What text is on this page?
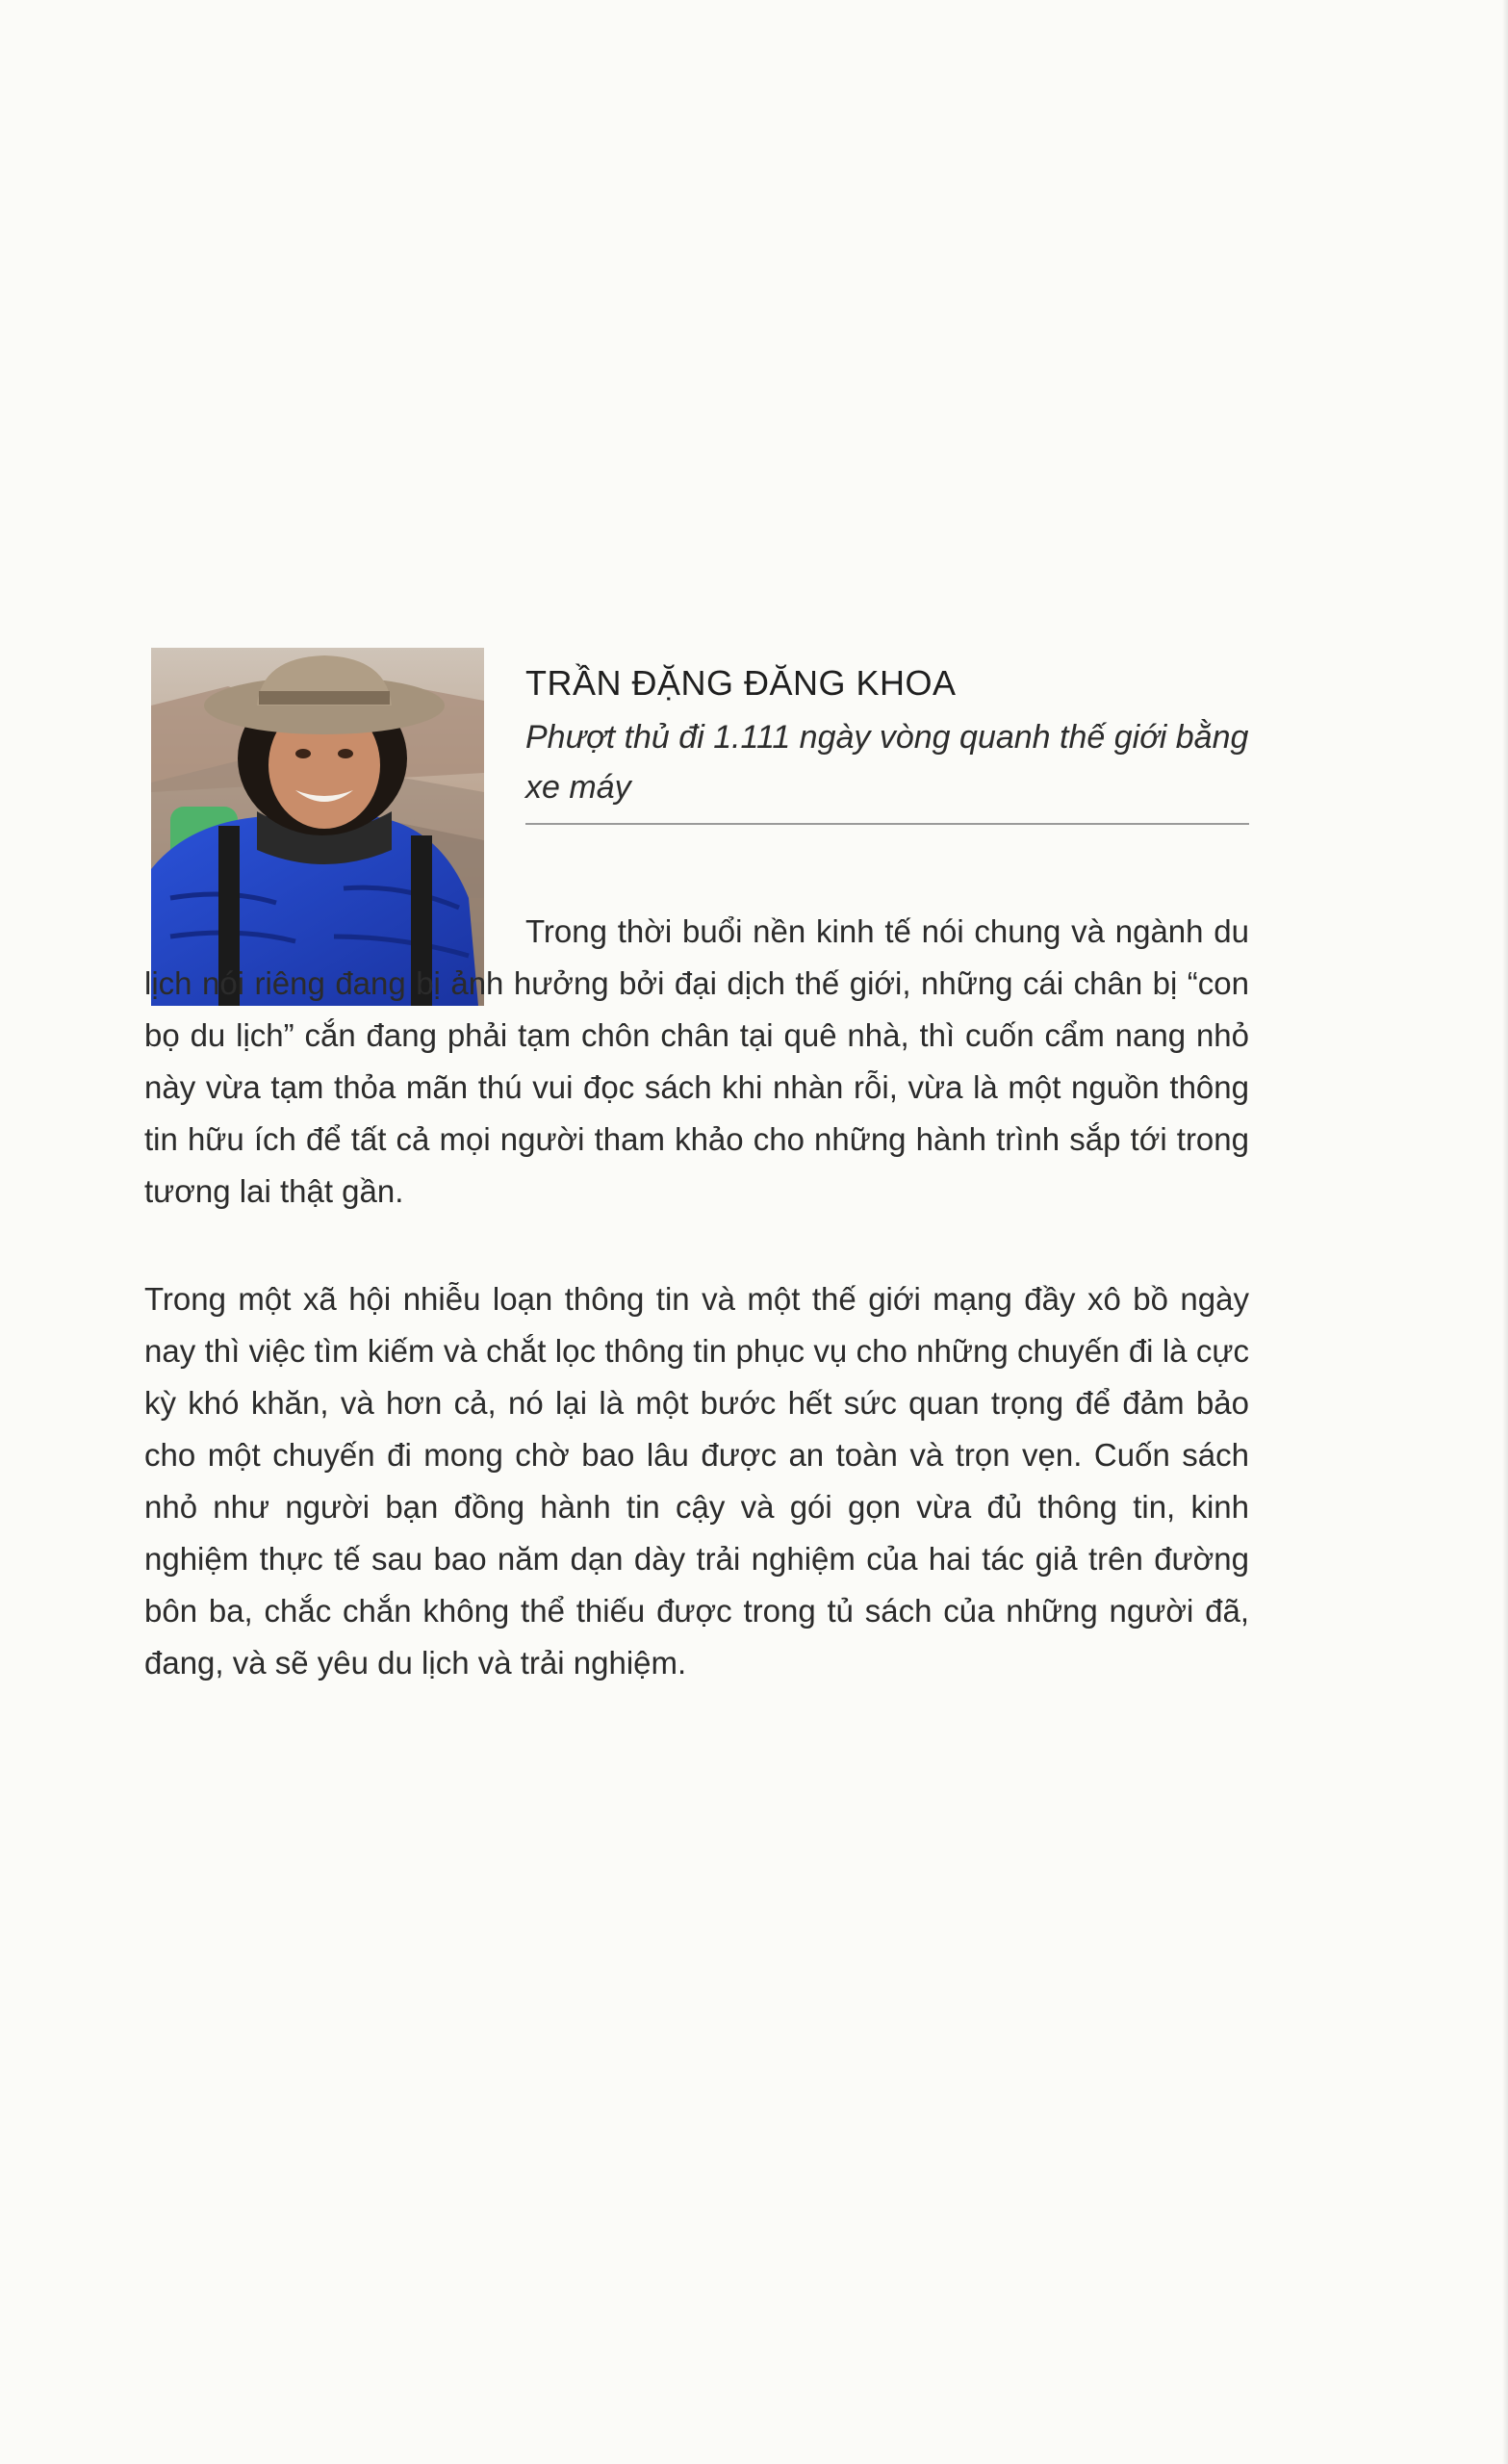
TRẦN ĐẶNG ĐĂNG KHOA

Phượt thủ đi 1.111 ngày vòng quanh thế giới bằng xe máy

Trong thời buổi nền kinh tế nói chung và ngành du lịch nói riêng đang bị ảnh hưởng bởi đại dịch thế giới, những cái chân bị “con bọ du lịch” cắn đang phải tạm chôn chân tại quê nhà, thì cuốn cẩm nang nhỏ này vừa tạm thỏa mãn thú vui đọc sách khi nhàn rỗi, vừa là một nguồn thông tin hữu ích để tất cả mọi người tham khảo cho những hành trình sắp tới trong tương lai thật gần.

Trong một xã hội nhiễu loạn thông tin và một thế giới mạng đầy xô bồ ngày nay thì việc tìm kiếm và chắt lọc thông tin phục vụ cho những chuyến đi là cực kỳ khó khăn, và hơn cả, nó lại là một bước hết sức quan trọng để đảm bảo cho một chuyến đi mong chờ bao lâu được an toàn và trọn vẹn. Cuốn sách nhỏ như người bạn đồng hành tin cậy và gói gọn vừa đủ thông tin, kinh nghiệm thực tế sau bao năm dạn dày trải nghiệm của hai tác giả trên đường bôn ba, chắc chắn không thể thiếu được trong tủ sách của những người đã, đang, và sẽ yêu du lịch và trải nghiệm.
